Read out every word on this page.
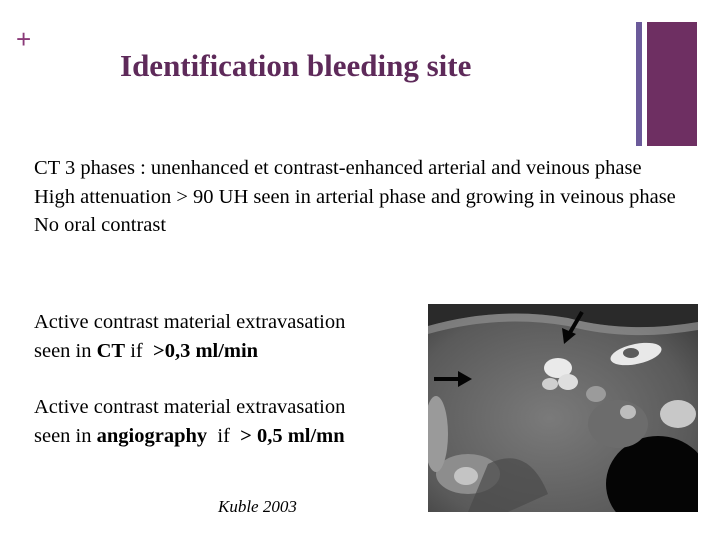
+
Identification bleeding site
CT 3 phases : unenhanced et contrast-enhanced arterial and veinous phase
High attenuation > 90 UH seen in arterial phase and growing in veinous phase
No oral contrast
Active contrast material extravasation
seen in CT if  >0,3 ml/min
Active contrast material extravasation
seen in angiography  if  > 0,5 ml/mn
Kuble 2003
